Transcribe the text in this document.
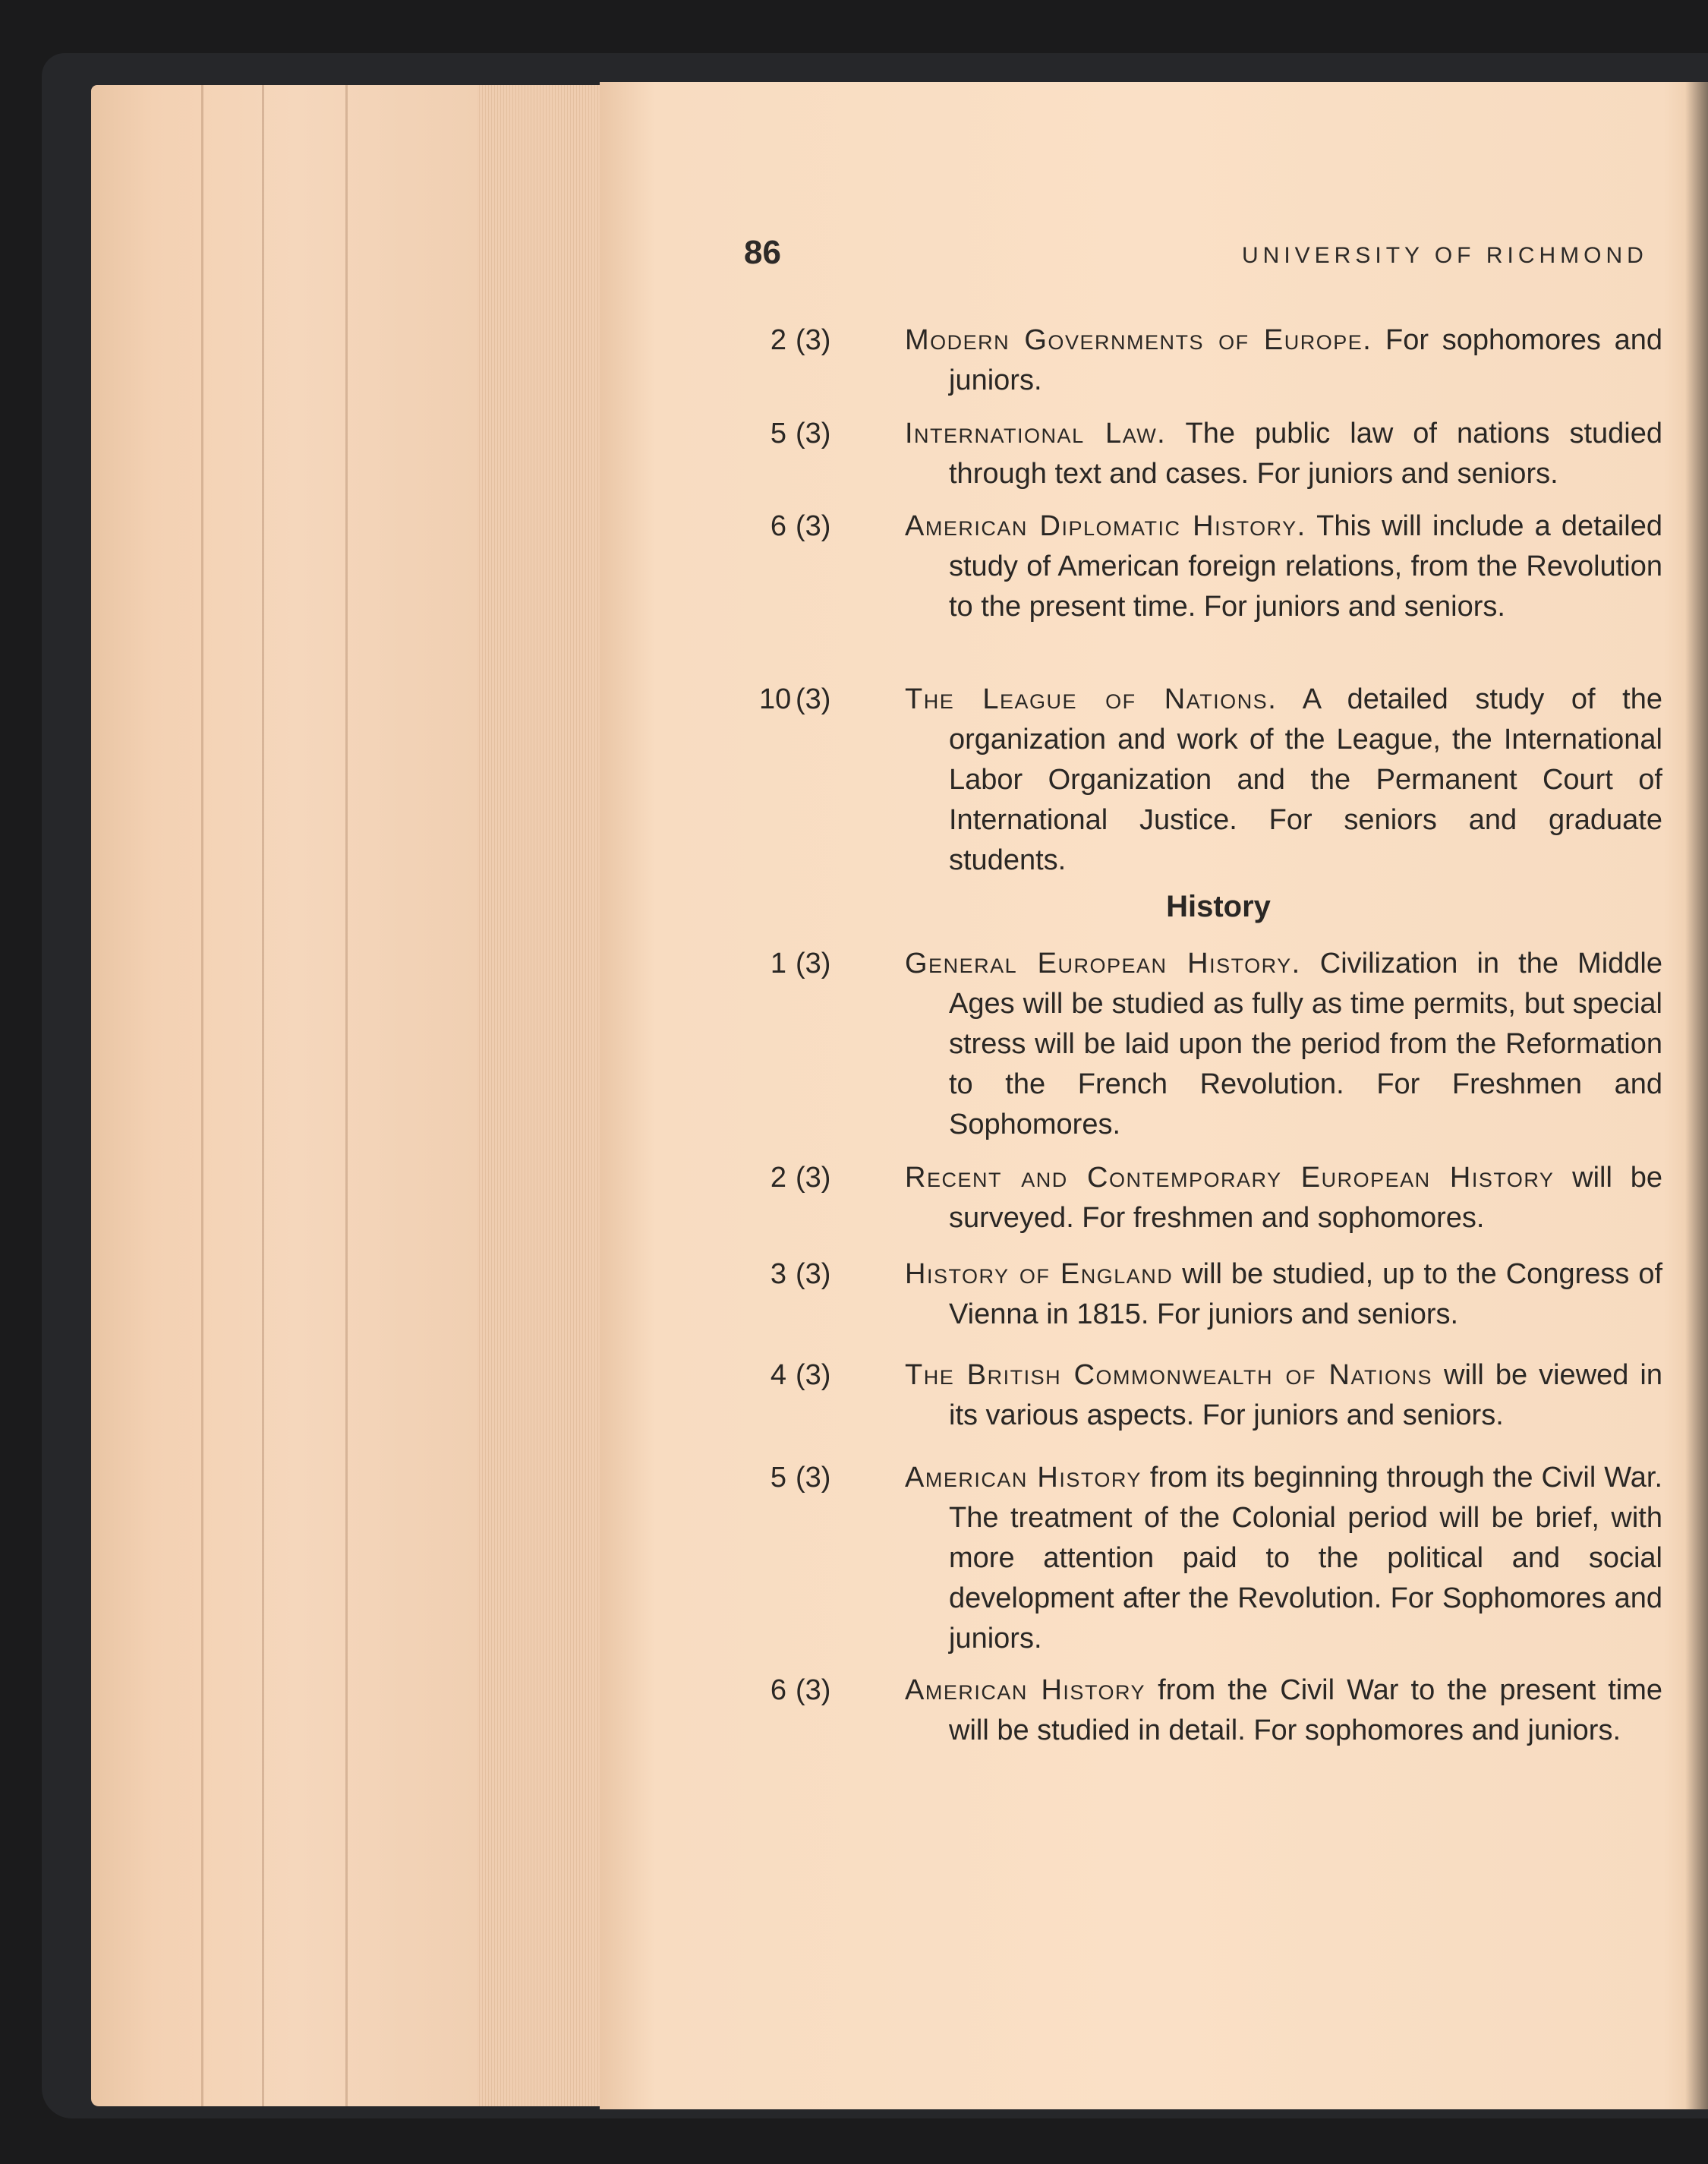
86	UNIVERSITY OF RICHMOND
2 (3)	Modern Governments of Europe. For sophomores and juniors.
5 (3)	International Law. The public law of nations studied through text and cases. For juniors and seniors.
6 (3)	American Diplomatic History. This will include a detailed study of American foreign relations, from the Revolution to the present time. For juniors and seniors.
10 (3)	The League of Nations. A detailed study of the organization and work of the League, the International Labor Organization and the Permanent Court of International Justice. For seniors and graduate students.
History
1 (3)	General European History. Civilization in the Middle Ages will be studied as fully as time permits, but special stress will be laid upon the period from the Reformation to the French Revolution. For Freshmen and Sophomores.
2 (3)	Recent and Contemporary European History will be surveyed. For freshmen and sophomores.
3 (3)	History of England will be studied, up to the Congress of Vienna in 1815. For juniors and seniors.
4 (3)	The British Commonwealth of Nations will be viewed in its various aspects. For juniors and seniors.
5 (3)	American History from its beginning through the Civil War. The treatment of the Colonial period will be brief, with more attention paid to the political and social development after the Revolution. For Sophomores and juniors.
6 (3)	American History from the Civil War to the present time will be studied in detail. For sophomores and juniors.
